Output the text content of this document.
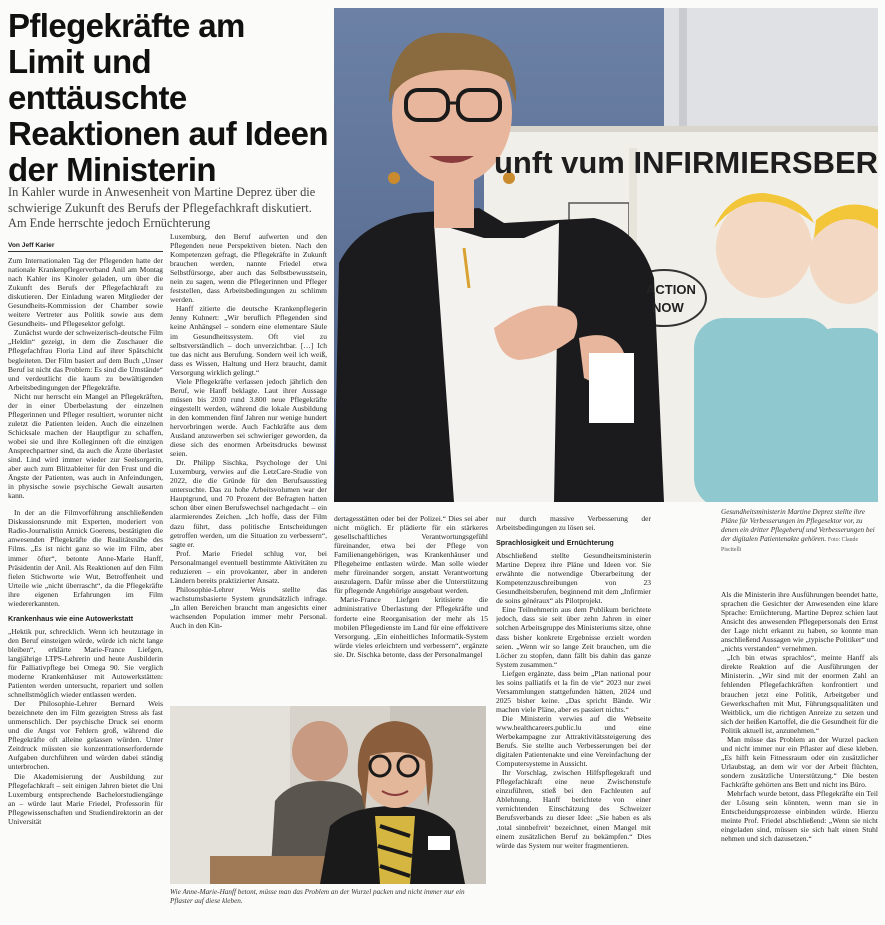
Pflegekräfte am Limit und enttäuschte Reaktionen auf Ideen der Ministerin
In Kahler wurde in Anwesenheit von Martine Deprez über die schwierige Zukunft des Berufs der Pflegefachkraft diskutiert. Am Ende herrschte jedoch Ernüchterung
Von Jeff Karier

Zum Internationalen Tag der Pflegenden hatte der nationale Krankenpflegerverband Anil am Montag nach Kahler ins Kinoler geladen, um über die Zukunft des Berufs der Pflegefachkraft zu diskutieren. Der Einladung waren Mitglieder der Gesundheits-Kommission der Chamber sowie weitere Vertreter aus Politik sowie aus dem Gesundheits- und Pflegesektor gefolgt.

Zunächst wurde der schweizerisch-deutsche Film „Heldin“ gezeigt, in dem die Zuschauer die Pflegefachfrau Floria Lind auf ihrer Spätschicht begleiteten. Der Film basiert auf dem Buch „Unser Beruf ist nicht das Problem: Es sind die Umstände“ und verdeutlicht die kaum zu bewältigenden Arbeitsbedingungen der Pflegekräfte.

Nicht nur herrscht ein Mangel an Pflegekräften, der in einer Überbelastung der einzelnen Pflegerinnen und Pfleger resultiert, worunter nicht zuletzt die Patienten leiden. Auch die einzelnen Schicksale machen der Hauptfigur zu schaffen, wobei sie und ihre Kolleginnen oft die einzigen Ansprechpartner sind, da auch die Ärzte überlastet sind. Lind wird immer wieder zur Seelsorgerin, aber auch zum Blitzableiter für den Frust und die Ängste der Patienten, was auch in Anfeindungen, in physische sowie psychische Gewalt ausarten kann.

In der an die Filmvorführung anschließenden Diskussionsrunde mit Experten, moderiert von Radio-Journalistin Annick Goerens, bestätigten die anwesenden Pflegekräfte die Realitätsnähe des Films. „Es ist nicht ganz so wie im Film, aber immer öfter“, betonte Anne-Marie Hanff, Präsidentin der Anil. Als Reaktionen auf den Film fielen Stichworte wie Wut, Betroffenheit und Urteile wie „nicht überrascht“, da die Pflegekräfte ihre eigenen Erfahrungen im Film wiedererkannten.

Krankenhaus wie eine Autowerkstatt

„Hektik pur, schrecklich. Wenn ich heutzutage in den Beruf einsteigen würde, würde ich nicht lange bleiben“, erklärte Marie-France Liefgen, langjährige LTPS-Lehrerin und heute Ausbilderin für Palliativpflege bei Omega 90. Sie verglich moderne Krankenhäuser mit Autowerkstätten: Patienten werden untersucht, repariert und sollen schnellstmöglich wieder entlassen werden.

Der Philosophie-Lehrer Bernard Weis bezeichnete den im Film gezeigten Stress als fast unmenschlich. Der psychische Druck sei enorm und die Angst vor Fehlern groß, während die Pflegekräfte oft alleine gelassen würden. Unter Zeitdruck müssten sie konzentrationserfordernde Aufgaben durchführen und würden dabei ständig unterbrochen.

Die Akademisierung der Ausbildung zur Pflegefachkraft – seit einigen Jahren bietet die Uni Luxemburg entsprechende Bachelorstudiengänge an – würde laut Marie Friedel, Professorin für Pflegewissenschaften und Studiendirektorin an der Universität

Luxemburg, den Beruf aufwerten und den Pflegenden neue Perspektiven bieten. Nach den Kompetenzen gefragt, die Pflegekräfte in Zukunft brauchen werden, nannte Friedel etwa Selbstfürsorge, aber auch das Selbstbewusstsein, nein zu sagen, wenn die Pflegerinnen und Pfleger feststellen, dass Arbeitsbedingungen zu schlimm werden.

Hanff zitierte die deutsche Krankenpflegerin Jenny Kuhnert: „Wir beruflich Pflegenden sind keine Anhängsel – sondern eine elementare Säule im Gesundheitssystem. Oft viel zu selbstverständlich – doch unverzichtbar. […] Ich tue das nicht aus Berufung. Sondern weil ich weiß, dass es Wissen, Haltung und Herz braucht, damit Versorgung wirklich gelingt.“

Viele Pflegekräfte verlassen jedoch jährlich den Beruf, wie Hanff beklagte. Laut ihrer Aussage müssen bis 2030 rund 3.800 neue Pflegekräfte eingestellt werden, während die lokale Ausbildung in den kommenden fünf Jahren nur wenige hundert hervorbringen werde. Auch Fachkräfte aus dem Ausland anzuwerben sei schwieriger geworden, da diese sich des enormen Arbeitsdrucks bewusst seien.

Dr. Philipp Sischka, Psychologe der Uni Luxemburg, verwies auf die LetzCare-Studie von 2022, die die Gründe für den Berufsausstieg untersuchte. Das zu hohe Arbeitsvolumen war der Hauptgrund, und 70 Prozent der Befragten hatten schon über einen Berufswechsel nachgedacht – ein alarmierendes Zeichen. „Ich hoffe, dass der Film dazu führt, dass politische Entscheidungen getroffen werden, um die Situation zu verbessern“, sagte er.

Prof. Marie Friedel schlug vor, bei Personalmangel eventuell bestimmte Aktivitäten zu reduzieren – ein provokanter, aber in anderen Ländern bereits praktizierter Ansatz.

Philosophie-Lehrer Weis stellte das wachstumsbasierte System grundsätzlich infrage. „In allen Bereichen braucht man angesichts einer wachsenden Population immer mehr Personal. Auch in den Kin-

dertagesstätten oder bei der Polizei.“ Dies sei aber nicht möglich. Er plädierte für ein stärkeres gesellschaftliches Verantwortungsgefühl füreinander, etwa bei der Pflege von Familienangehörigen, was Krankenhäuser und Pflegeheime entlasten würde. Man solle wieder mehr füreinander sorgen, anstatt Verantwortung auszulagern. Dafür müsse aber die Unterstützung für pflegende Angehörige ausgebaut werden.

Marie-France Liefgen kritisierte die administrative Überlastung der Pflegekräfte und forderte eine Reorganisation der mehr als 15 mobilen Pflegedienste im Land für eine effektivere Versorgung. „Ein einheitliches Informatik-System würde vieles erleichtern und verbessern“, ergänzte sie. Dr. Sischka betonte, dass der Personalmangel

nur durch massive Verbesserung der Arbeitsbedingungen zu lösen sei.

Sprachlosigkeit und Ernüchterung

Abschließend stellte Gesundheitsministerin Martine Deprez ihre Pläne und Ideen vor. Sie erwähnte die notwendige Überarbeitung der Kompetenzzuschreibungen von 23 Gesundheitsberufen, beginnend mit dem „Infirmier de soins généraux“ als Pilotprojekt.

Eine Teilnehmerin aus dem Publikum berichtete jedoch, dass sie seit über zehn Jahren in einer solchen Arbeitsgruppe des Ministeriums sitze, ohne dass bisher konkrete Ergebnisse erzielt worden seien. „Wenn wir so lange Zeit brauchen, um die Löcher zu stopfen, dann fällt bis dahin das ganze System zusammen.“

Liefgen ergänzte, dass beim „Plan national pour les soins palliatifs et la fin de vie“ 2023 nur zwei Versammlungen stattgefunden hätten, 2024 und 2025 bisher keine. „Das spricht Bände. Wir machen viele Pläne, aber es passiert nichts.“

Die Ministerin verwies auf die Webseite www.healthcareers.public.lu und eine Werbekampagne zur Attraktivitätssteigerung des Berufs. Sie stellte auch Verbesserungen bei der digitalen Patientenakte und eine Vereinfachung der Computersysteme in Aussicht.

Ihr Vorschlag, zwischen Hilfspflegekraft und Pflegefachkraft eine neue Zwischenstufe einzuführen, stieß bei den Fachleuten auf Ablehnung. Hanff berichtete von einer vernichtenden Einschätzung des Schweizer Berufsverbands zu dieser Idee: „Sie haben es als ‚total sinnbefreit‘ bezeichnet, einen Mangel mit einem zusätzlichen Beruf zu bekämpfen.“ Dies würde das System nur weiter fragmentieren.

Als die Ministerin ihre Ausführungen beendet hatte, sprachen die Gesichter der Anwesenden eine klare Sprache: Ernüchterung. Martine Deprez schien laut Ansicht des anwesenden Pflegepersonals den Ernst der Lage nicht erkannt zu haben, so konnte man anschließend Aussagen wie „typische Politiker“ und „nichts verstanden“ vernehmen.

„Ich bin etwas sprachlos“, meinte Hanff als direkte Reaktion auf die Ausführungen der Ministerin. „Wir sind mit der enormen Zahl an fehlenden Pflegefachkräften konfrontiert und brauchen jetzt eine Politik, Arbeitgeber und Gewerkschaften mit Mut, Führungsqualitäten und Weitblick, um die richtigen Anreize zu setzen und sich der heißen Kartoffel, die die Gesundheit für die Politik aktuell ist, anzunehmen.“

Man müsse das Problem an der Wurzel packen und nicht immer nur ein Pflaster auf diese kleben. „Es hilft kein Fitnessraum oder ein zusätzlicher Urlaubstag, an dem wir vor der Arbeit flüchten, sondern zusätzliche Unterstützung.“ Die besten Fachkräfte gehörten ans Bett und nicht ins Büro.

Mehrfach wurde betont, dass Pflegekräfte ein Teil der Lösung sein könnten, wenn man sie in Entscheidungsprozesse einbinden würde. Hierzu meinte Prof. Friedel abschließend: „Wenn sie nicht eingeladen sind, müssen sie sich halt einen Stuhl nehmen und sich dazusetzen.“

unft vum INFIRMIERSBER
ACTION
NOW
Gesundheitsministerin Martine Deprez stellte ihre Pläne für Verbesserungen im Pflegesektor vor, zu denen ein dritter Pflegeberuf und Verbesserungen bei der digitalen Patientenakte gehören. Foto: Claude Piscitelli
Wie Anne-Marie-Hanff betont, müsse man das Problem an der Wurzel packen und nicht immer nur ein Pflaster auf diese kleben.
